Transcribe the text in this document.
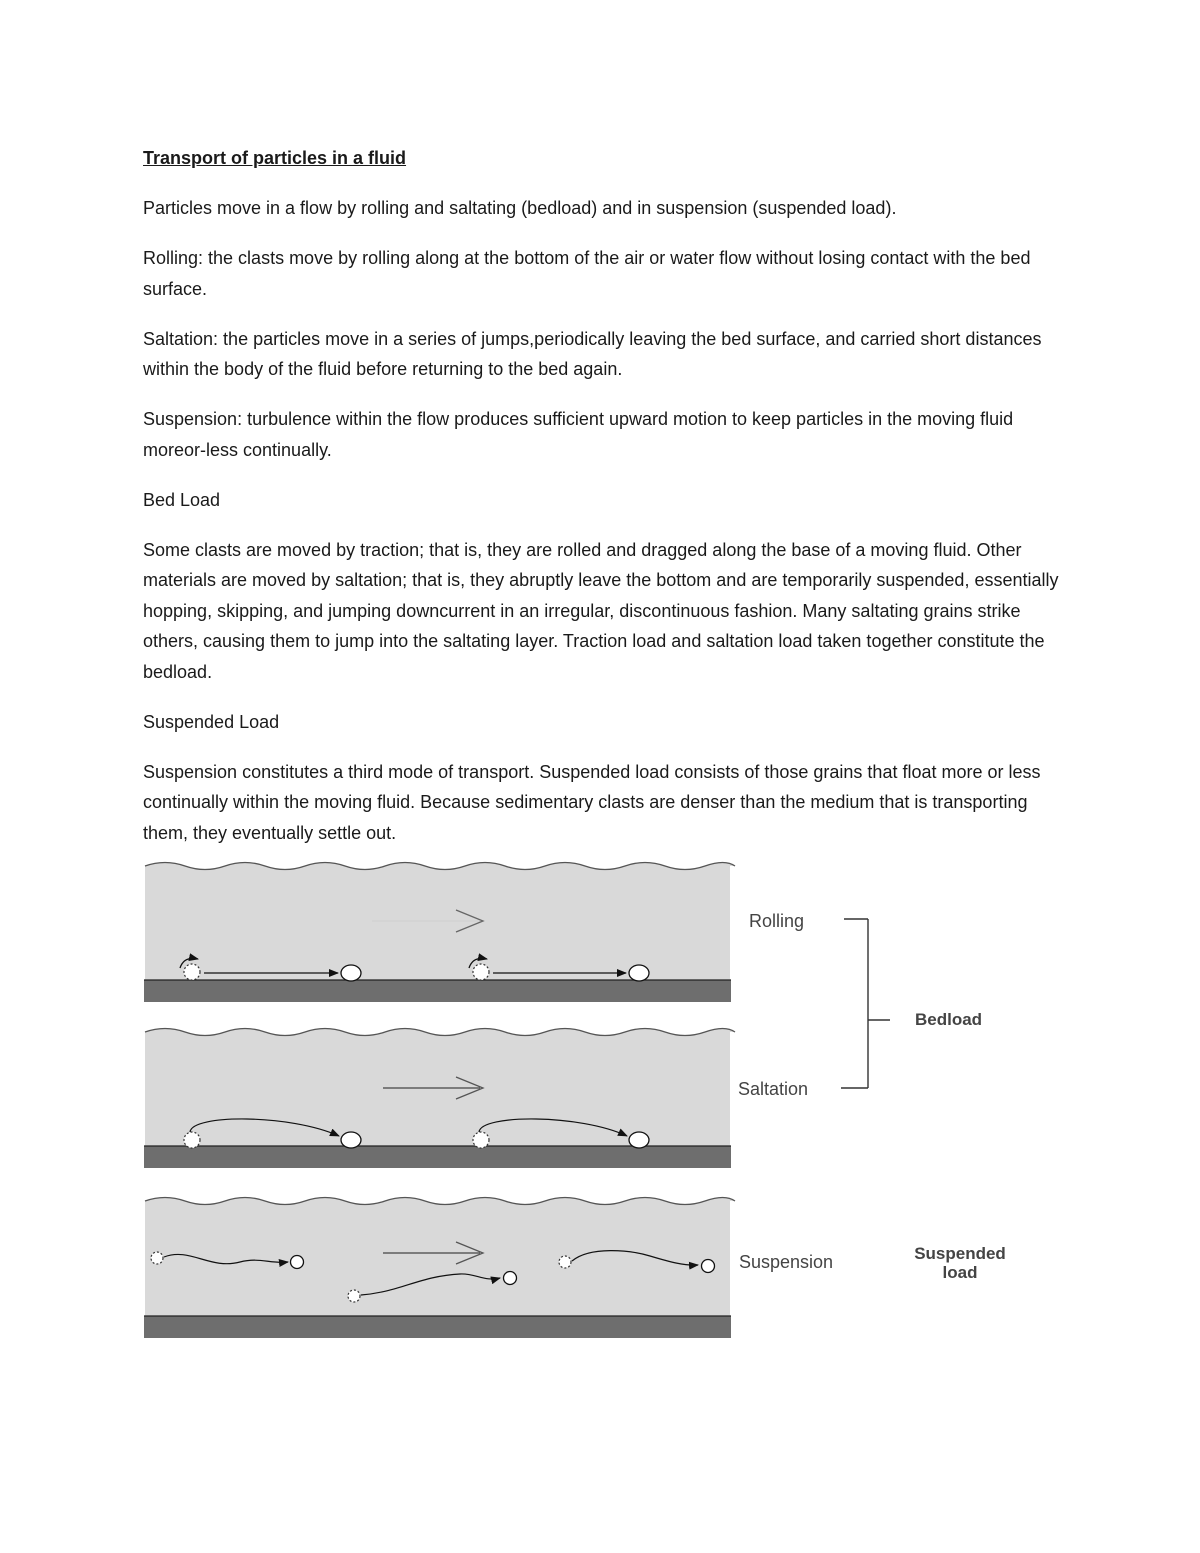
Transport of particles in a fluid

Particles move in a flow by rolling and saltating (bedload) and in suspension (suspended load).

Rolling: the clasts move by rolling along at the bottom of the air or water flow without losing contact with the bed surface.

Saltation: the particles move in a series of jumps,periodically leaving the bed surface, and carried short distances within the body of the fluid before returning to the bed again.

Suspension: turbulence within the flow produces sufficient upward motion to keep particles in the moving fluid moreor-less continually.

Bed Load

Some clasts are moved by traction; that is, they are rolled and dragged along the base of a moving fluid. Other materials are moved by saltation; that is, they abruptly leave the bottom and are temporarily suspended, essentially hopping, skipping, and jumping downcurrent in an irregular, discontinuous fashion. Many saltating grains strike others, causing them to jump into the saltating layer. Traction load and saltation load taken together constitute the bedload.

Suspended Load

Suspension constitutes a third mode of transport. Suspended load consists of those grains that float more or less continually within the moving fluid. Because sedimentary clasts are denser than the medium that is transporting them, they eventually settle out.

Rolling
Saltation
Suspension
Bedload
Suspended
load
